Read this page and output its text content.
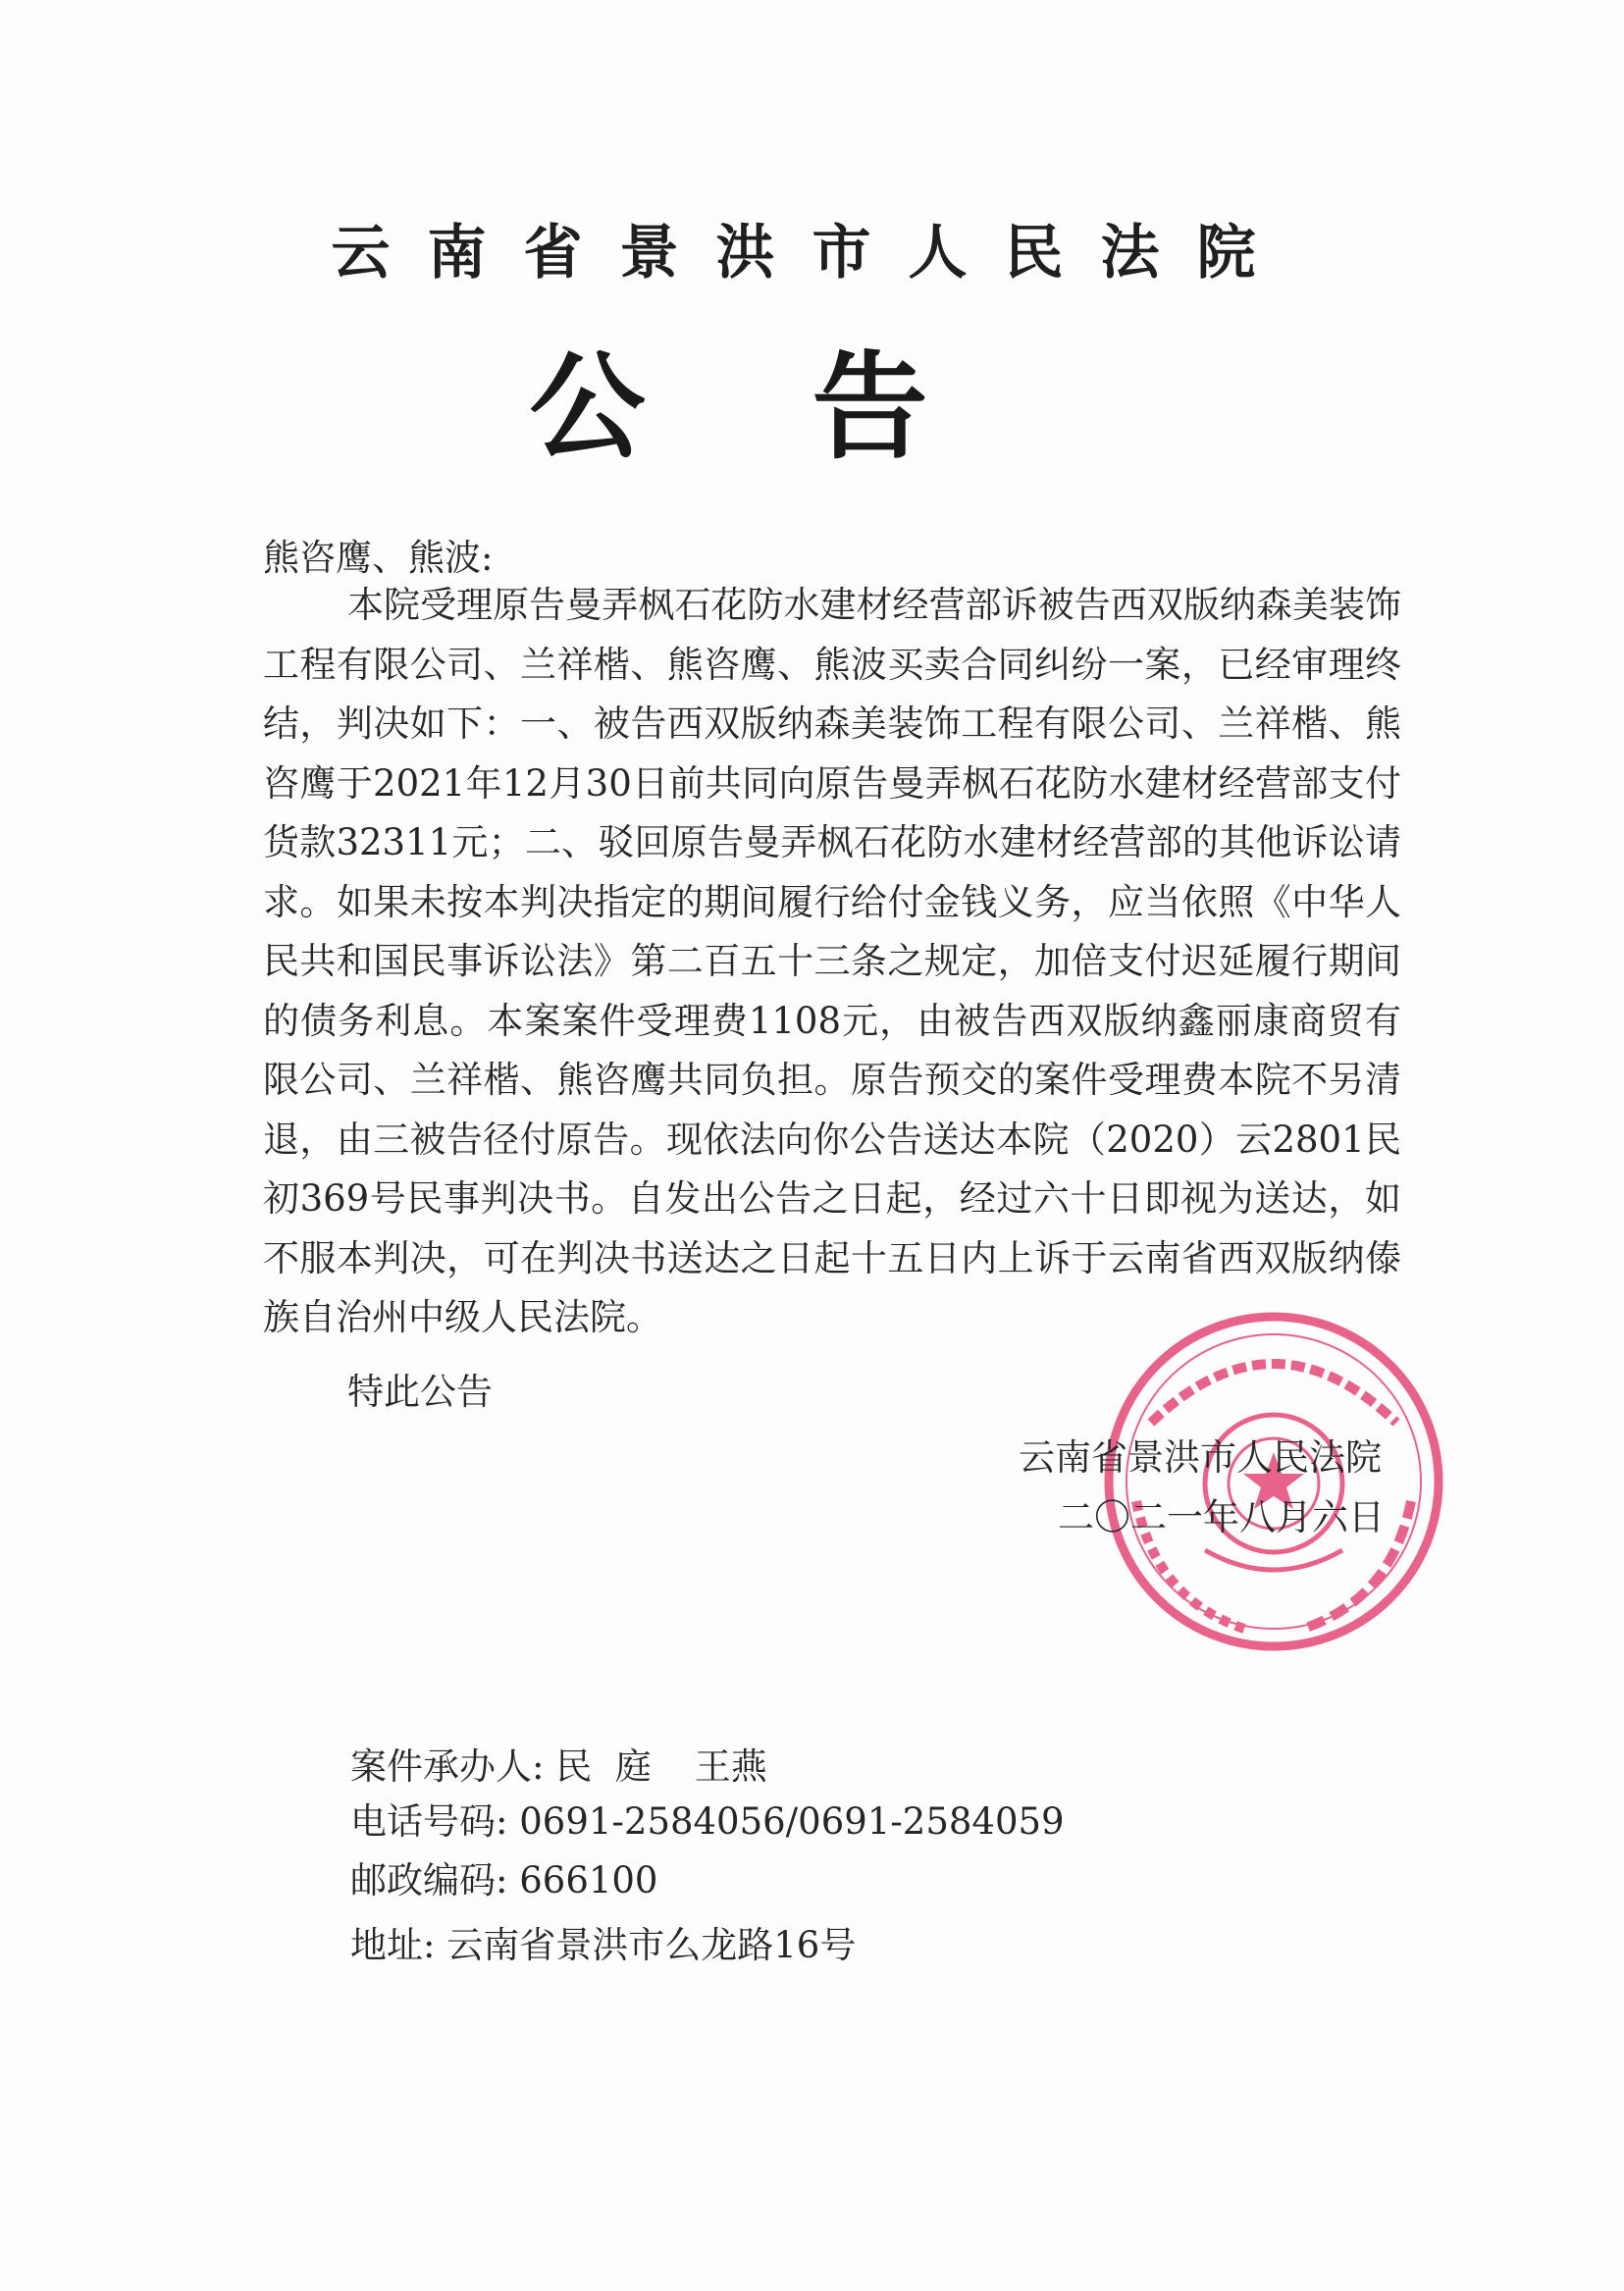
云南省景洪市人民法院
公告
熊咨鹰、熊波:
本院受理原告曼弄枫石花防水建材经营部诉被告西双版纳森美装饰工程有限公司、兰祥楷、熊咨鹰、熊波买卖合同纠纷一案，已经审理终结，判决如下：一、被告西双版纳森美装饰工程有限公司、兰祥楷、熊咨鹰于2021年12月30日前共同向原告曼弄枫石花防水建材经营部支付货款32311元；二、驳回原告曼弄枫石花防水建材经营部的其他诉讼请求。如果未按本判决指定的期间履行给付金钱义务，应当依照《中华人民共和国民事诉讼法》第二百五十三条之规定，加倍支付迟延履行期间的债务利息。本案案件受理费1108元，由被告西双版纳鑫丽康商贸有限公司、兰祥楷、熊咨鹰共同负担。原告预交的案件受理费本院不另清退，由三被告径付原告。现依法向你公告送达本院（2020）云2801民初369号民事判决书。自发出公告之日起，经过六十日即视为送达，如不服本判决，可在判决书送达之日起十五日内上诉于云南省西双版纳傣族自治州中级人民法院。
特此公告
云南省景洪市人民法院
二〇二一年八月六日
案件承办人: 民  庭 王燕
电话号码: 0691-2584056/0691-2584059
邮政编码: 666100
地址: 云南省景洪市么龙路16号
